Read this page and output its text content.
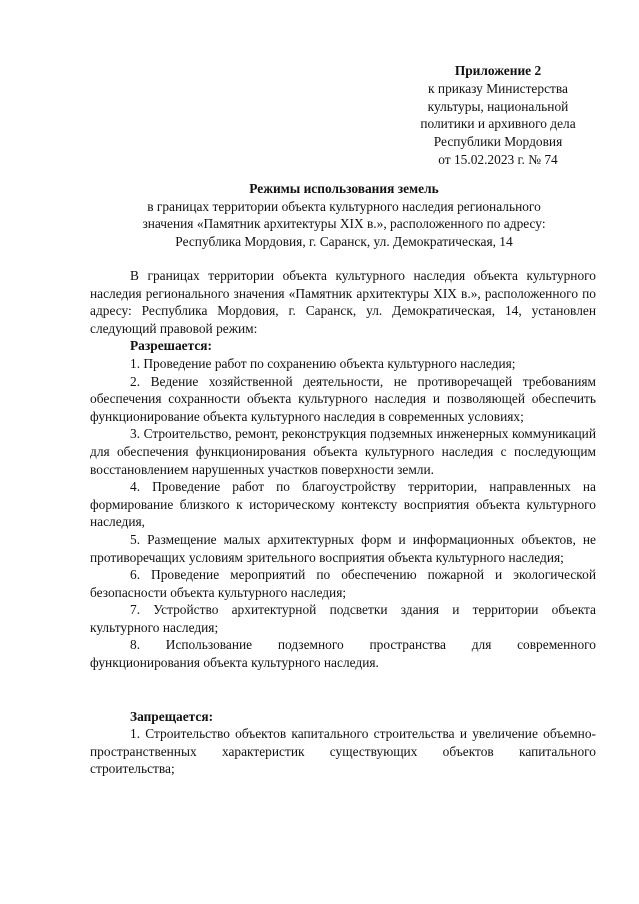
Приложение 2
к приказу Министерства
культуры, национальной
политики и архивного дела
Республики Мордовия
от 15.02.2023 г. № 74
Режимы использования земель
в границах территории объекта культурного наследия регионального
значения «Памятник архитектуры XIX в.», расположенного по адресу:
Республика Мордовия, г. Саранск, ул. Демократическая, 14

В границах территории объекта культурного наследия объекта культурного наследия регионального значения «Памятник архитектуры XIX в.», расположенного по адресу: Республика Мордовия, г. Саранск, ул. Демократическая, 14, установлен следующий правовой режим:

Разрешается:

1. Проведение работ по сохранению объекта культурного наследия;

2. Ведение хозяйственной деятельности, не противоречащей требованиям обеспечения сохранности объекта культурного наследия и позволяющей обеспечить функционирование объекта культурного наследия в современных условиях;

3. Строительство, ремонт, реконструкция подземных инженерных коммуникаций для обеспечения функционирования объекта культурного наследия с последующим восстановлением нарушенных участков поверхности земли.

4. Проведение работ по благоустройству территории, направленных на формирование близкого к историческому контексту восприятия объекта культурного наследия,

5. Размещение малых архитектурных форм и информационных объектов, не противоречащих условиям зрительного восприятия объекта культурного наследия;

6. Проведение мероприятий по обеспечению пожарной и экологической безопасности объекта культурного наследия;

7. Устройство архитектурной подсветки здания и территории объекта культурного наследия;

8. Использование подземного пространства для современного функционирования объекта культурного наследия.

Запрещается:

1. Строительство объектов капитального строительства и увеличение объемно-пространственных характеристик существующих объектов капитального строительства;
